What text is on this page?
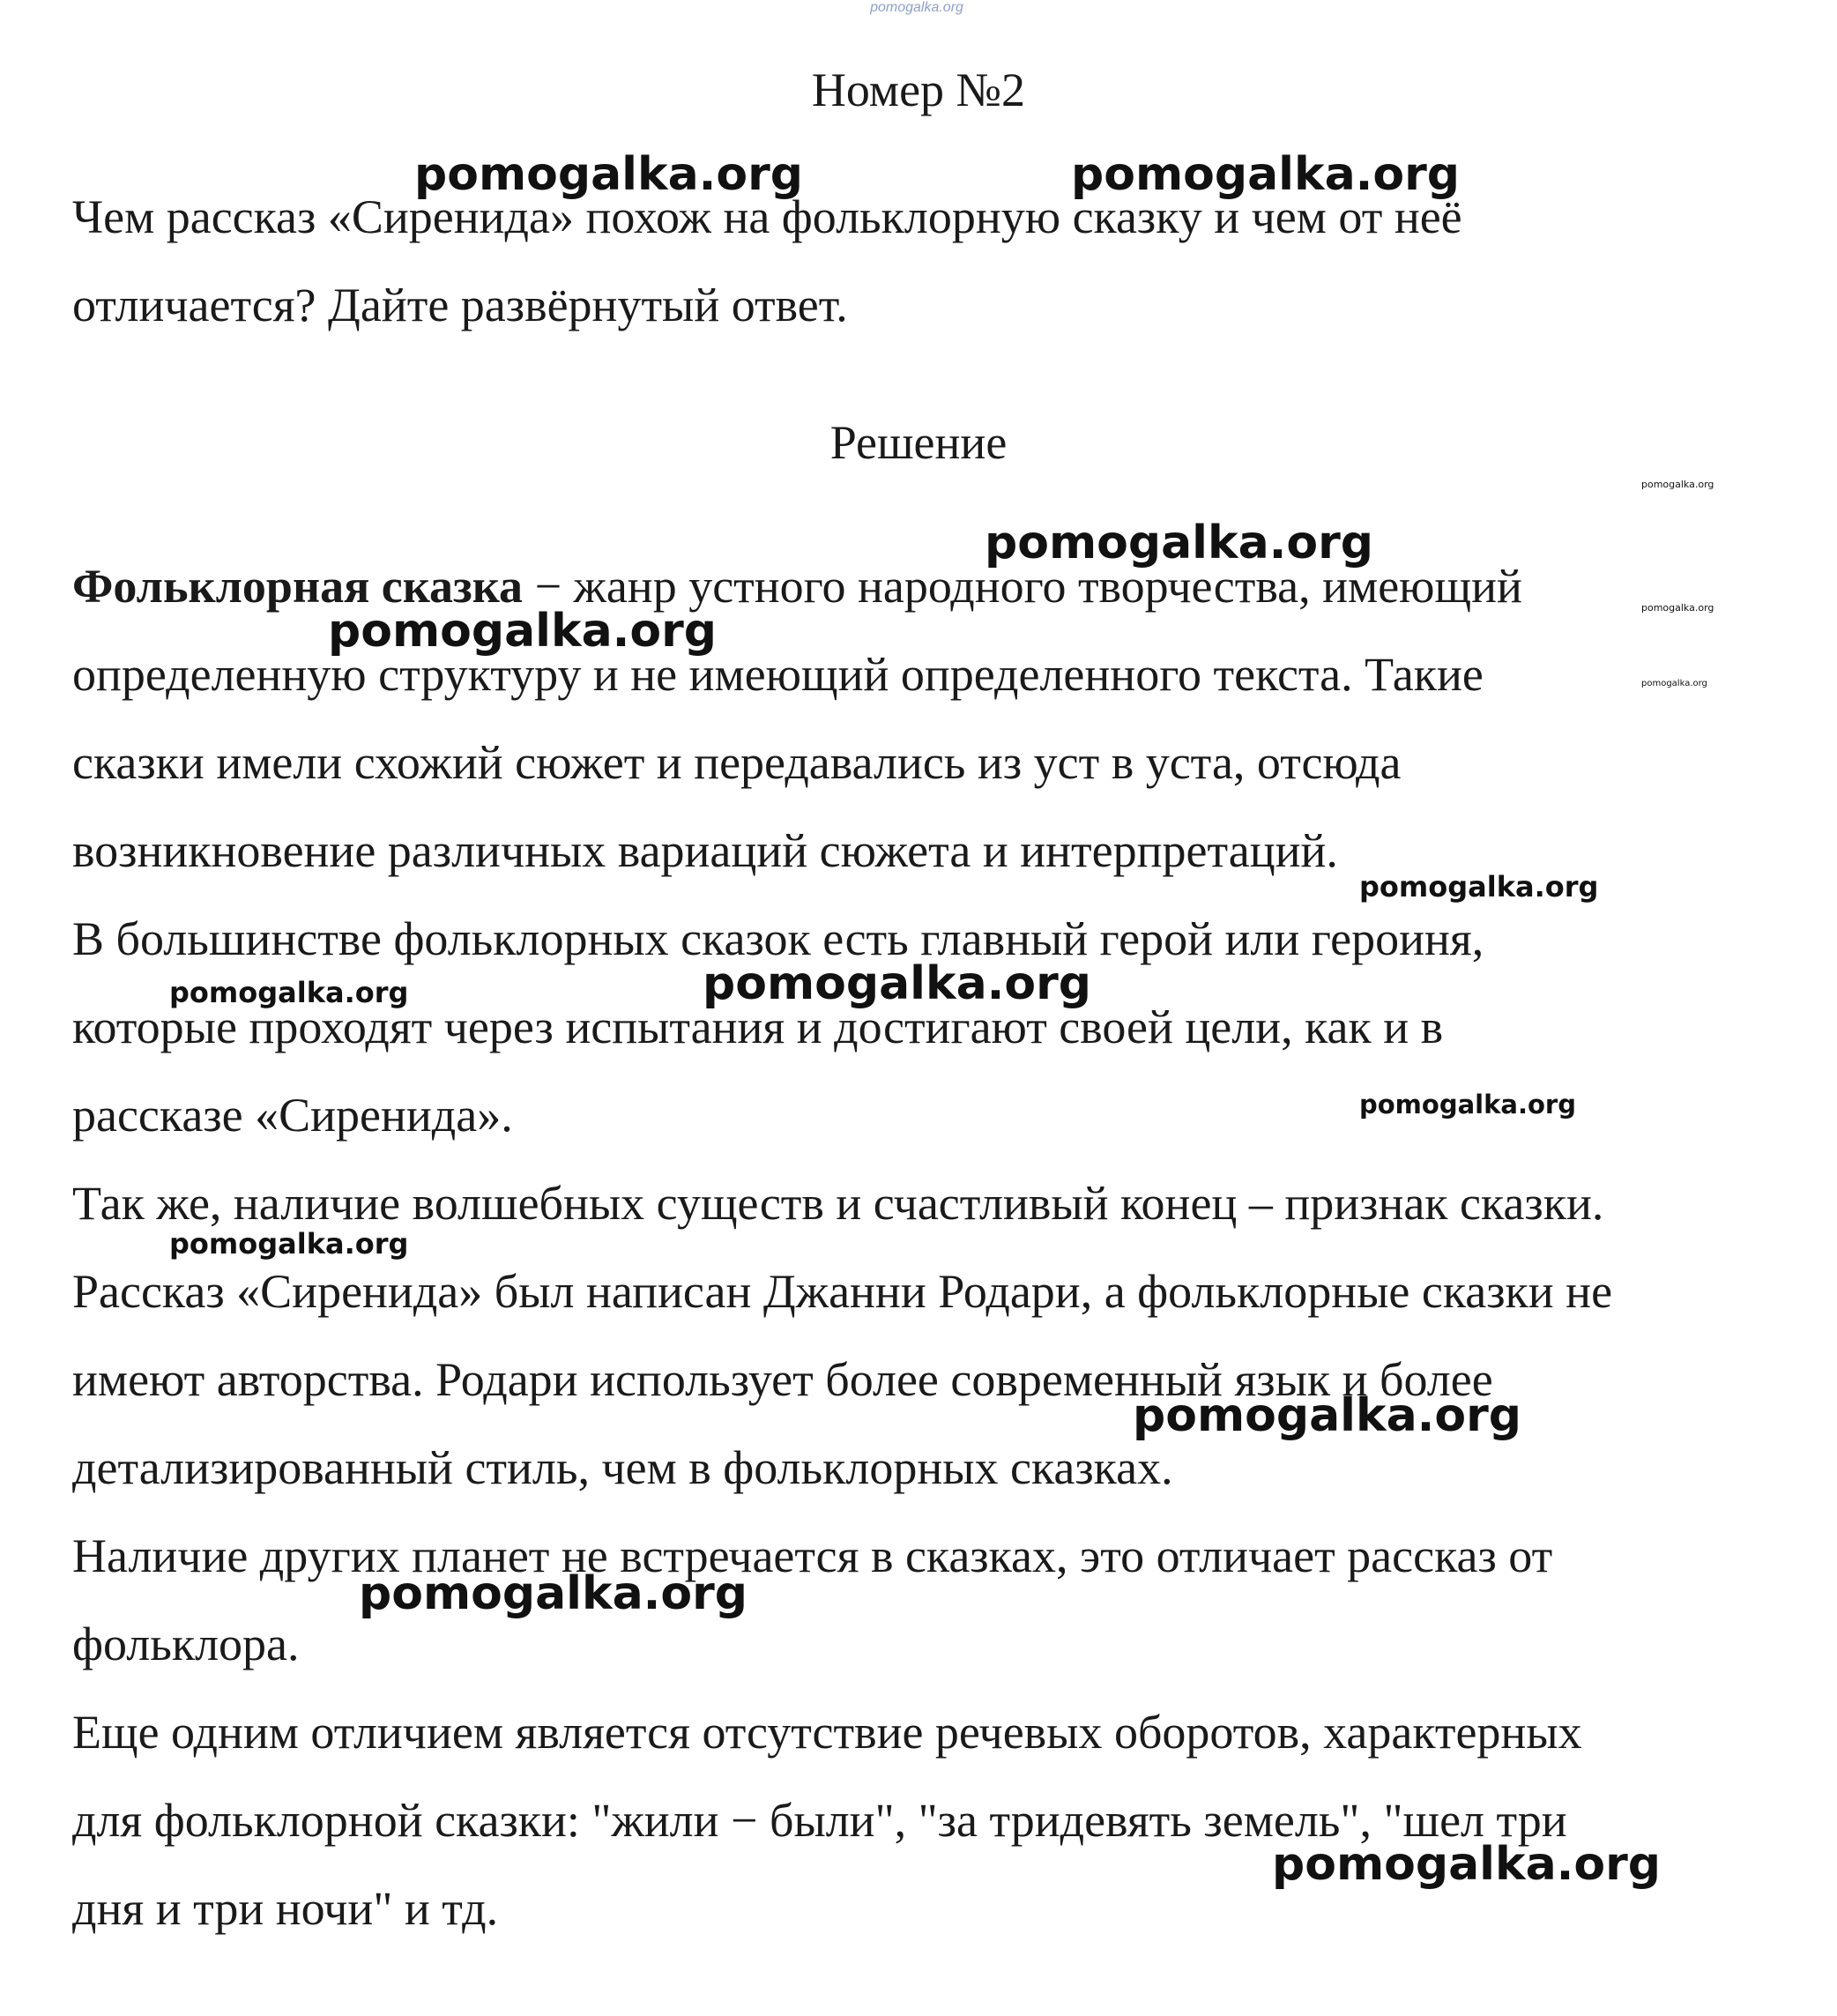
pomogalka.org
Номер №2
Чем рассказ «Сиренида» похож на фольклорную сказку и чем от неё
отличается? Дайте развёрнутый ответ.
Решение
Фольклорная сказка − жанр устного народного творчества, имеющий
определенную структуру и не имеющий определенного текста. Такие
сказки имели схожий сюжет и передавались из уст в уста, отсюда
возникновение различных вариаций сюжета и интерпретаций.
В большинстве фольклорных сказок есть главный герой или героиня,
которые проходят через испытания и достигают своей цели, как и в
рассказе «Сиренида».
Так же, наличие волшебных существ и счастливый конец – признак сказки.
Рассказ «Сиренида» был написан Джанни Родари, а фольклорные сказки не
имеют авторства. Родари использует более современный язык и более
детализированный стиль, чем в фольклорных сказках.
Наличие других планет не встречается в сказках, это отличает рассказ от
фольклора.
Еще одним отличием является отсутствие речевых оборотов, характерных
для фольклорной сказки: "жили − были", "за тридевять земель", "шел три
дня и три ночи" и тд.
pomogalka.org	pomogalka.org
pomogalka.org
pomogalka.org
pomogalka.org
pomogalka.org
pomogalka.org
pomogalka.org
pomogalka.org	pomogalka.org
pomogalka.org
pomogalka.org
pomogalka.org
pomogalka.org
pomogalka.org
